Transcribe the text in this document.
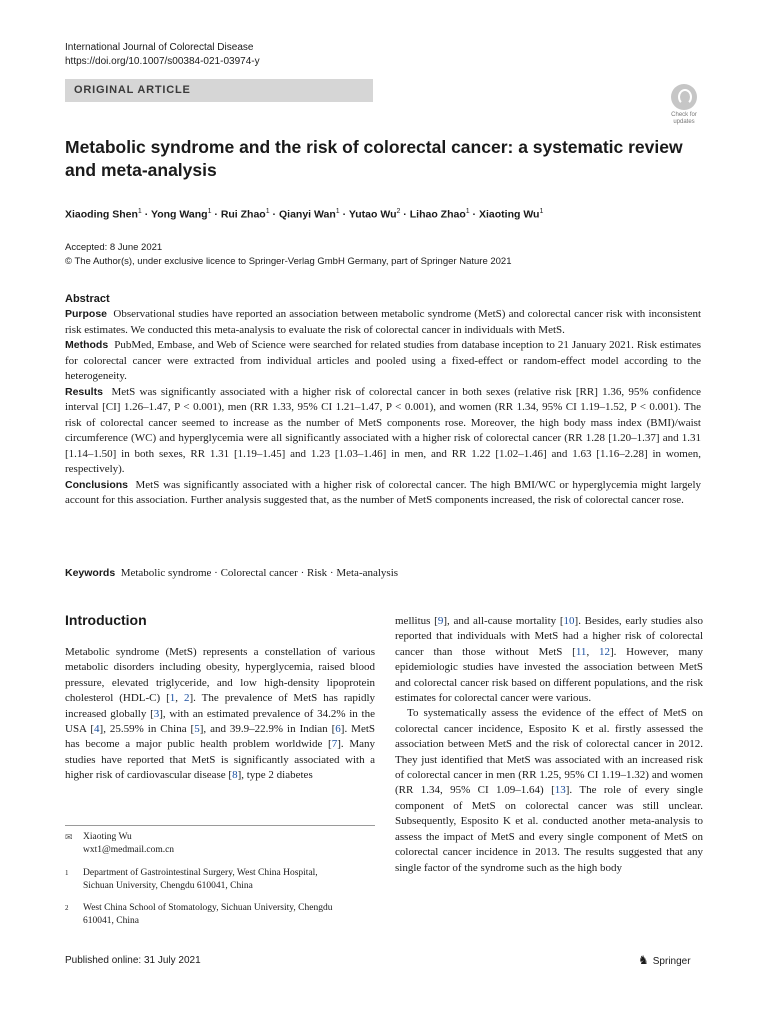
International Journal of Colorectal Disease
https://doi.org/10.1007/s00384-021-03974-y
ORIGINAL ARTICLE
Check for updates
Metabolic syndrome and the risk of colorectal cancer: a systematic review and meta-analysis
Xiaoding Shen$^1$ · Yong Wang$^1$ · Rui Zhao$^1$ · Qianyi Wan$^1$ · Yutao $Wu^2$ · Lihao Zhao$^1$ · Xiaoting Wu$^1$
Accepted: 8 June 2021
© The Author(s), under exclusive licence to Springer-Verlag GmbH Germany, part of Springer Nature 2021
Abstract

Purpose Observational studies have reported an association between metabolic syndrome (MetS) and colorectal cancer risk with inconsistent risk estimates. We conducted this meta-analysis to evaluate the risk of colorectal cancer in individuals with MetS.

Methods PubMed, Embase, and Web of Science were searched for related studies from database inception to 21 January 2021. Risk estimates for colorectal cancer were extracted from individual articles and pooled using a fixed-effect or random-effect model according to the heterogeneity.

Results MetS was significantly associated with a higher risk of colorectal cancer in both sexes (relative risk [RR] 1.36, 95% confidence interval [CI] 1.26–1.47, P < 0.001), men (RR 1.33, 95% CI 1.21–1.47, P < 0.001), and women (RR 1.34, 95% CI 1.19–1.52, P < 0.001). The risk of colorectal cancer seemed to increase as the number of MetS components rose. Moreover, the high body mass index (BMI)/waist circumference (WC) and hyperglycemia were all significantly associated with a higher risk of colorectal cancer (RR 1.28 [1.20–1.37] and 1.31 [1.14–1.50] in both sexes, RR 1.31 [1.19–1.45] and 1.23 [1.03–1.46] in men, and RR 1.22 [1.02–1.46] and 1.63 [1.16–2.28] in women, respectively).

Conclusions MetS was significantly associated with a higher risk of colorectal cancer. The high BMI/WC or hyperglycemia might largely account for this association. Further analysis suggested that, as the number of MetS components increased, the risk of colorectal cancer rose.

Keywords Metabolic syndrome · Colorectal cancer · Risk · Meta-analysis
Introduction

Metabolic syndrome (MetS) represents a constellation of various metabolic disorders including obesity, hyperglycemia, raised blood pressure, elevated triglyceride, and low high-density lipoprotein cholesterol (HDL-C) [1, 2]. The prevalence of MetS has rapidly increased globally [3], with an estimated prevalence of 34.2% in the USA [4], 25.59% in China [5], and 39.9–22.9% in Indian [6]. MetS has become a major public health problem worldwide [7]. Many studies have reported that MetS is significantly associated with a higher risk of cardiovascular disease [8], type 2 diabetes

mellitus [9], and all-cause mortality [10]. Besides, early studies also reported that individuals with MetS had a higher risk of colorectal cancer than those without MetS [11, 12]. However, many epidemiologic studies have invested the association between MetS and colorectal cancer risk based on different populations, and the risk estimates for colorectal cancer were various.

To systematically assess the evidence of the effect of MetS on colorectal cancer incidence, Esposito K et al. firstly assessed the association between MetS and the risk of colorectal cancer in 2012. They just identified that MetS was associated with an increased risk of colorectal cancer in men (RR 1.25, 95% CI 1.19–1.32) and women (RR 1.34, 95% CI 1.09–1.64) [13]. The role of every single component of MetS on colorectal cancer was still unclear. Subsequently, Esposito K et al. conducted another meta-analysis to assess the impact of MetS and every single component of MetS on colorectal cancer incidence in 2013. The results suggested that any single factor of the syndrome such as the high body

✉ Xiaoting Wu
wxt1@medmail.com.cn
1 Department of Gastrointestinal Surgery, West China Hospital, Sichuan University, Chengdu 610041, China
2 West China School of Stomatology, Sichuan University, Chengdu 610041, China
Published online: 31 July 2021	♞ Springer
